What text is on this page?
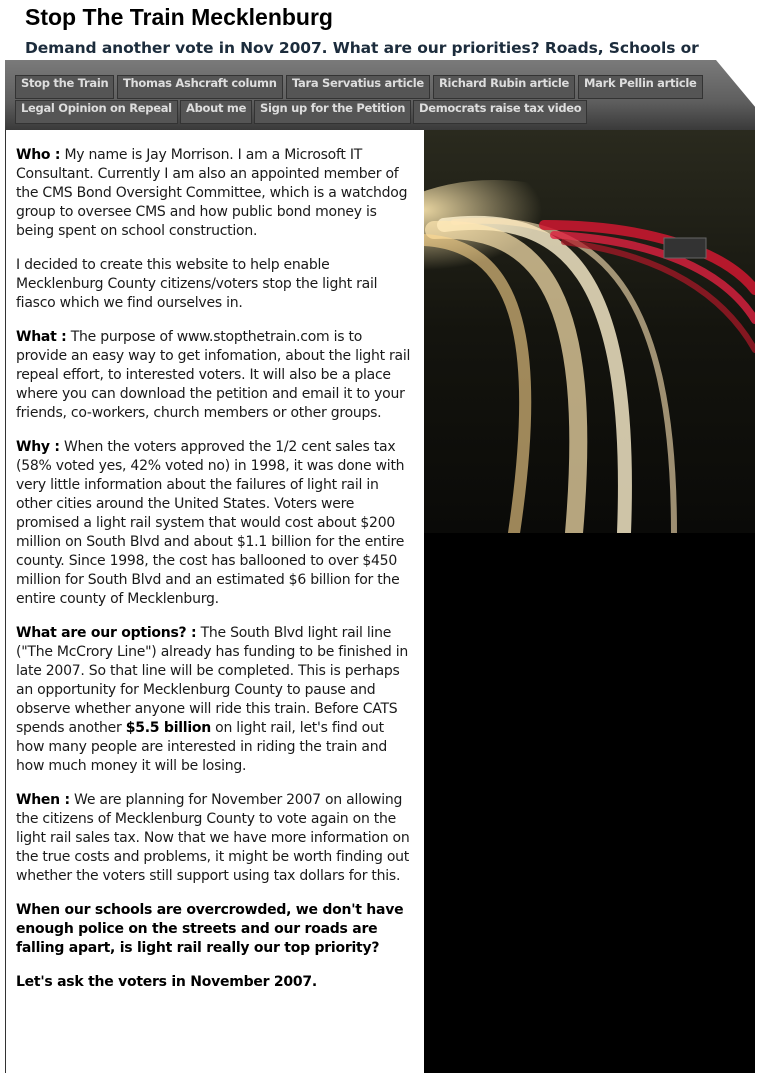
Stop The Train Mecklenburg
Demand another vote in Nov 2007. What are our priorities? Roads, Schools or
Stop the Train	Thomas Ashcraft column	Tara Servatius article	Richard Rubin article	Mark Pellin article
Legal Opinion on Repeal	About me	Sign up for the Petition	Democrats raise tax video

Who : My name is Jay Morrison. I am a Microsoft IT Consultant. Currently I am also an appointed member of the CMS Bond Oversight Committee, which is a watchdog group to oversee CMS and how public bond money is being spent on school construction.

I decided to create this website to help enable Mecklenburg County citizens/voters stop the light rail fiasco which we find ourselves in.

What : The purpose of www.stopthetrain.com is to provide an easy way to get infomation, about the light rail repeal effort, to interested voters. It will also be a place where you can download the petition and email it to your friends, co-workers, church members or other groups.

Why : When the voters approved the 1/2 cent sales tax (58% voted yes, 42% voted no) in 1998, it was done with very little information about the failures of light rail in other cities around the United States. Voters were promised a light rail system that would cost about $200 million on South Blvd and about $1.1 billion for the entire county. Since 1998, the cost has ballooned to over $450 million for South Blvd and an estimated $6 billion for the entire county of Mecklenburg.

What are our options? : The South Blvd light rail line ("The McCrory Line") already has funding to be finished in late 2007. So that line will be completed. This is perhaps an opportunity for Mecklenburg County to pause and observe whether anyone will ride this train. Before CATS spends another $5.5 billion on light rail, let's find out how many people are interested in riding the train and how much money it will be losing.

When : We are planning for November 2007 on allowing the citizens of Mecklenburg County to vote again on the light rail sales tax. Now that we have more information on the true costs and problems, it might be worth finding out whether the voters still support using tax dollars for this.

When our schools are overcrowded, we don't have enough police on the streets and our roads are falling apart, is light rail really our top priority?

Let's ask the voters in November 2007.
